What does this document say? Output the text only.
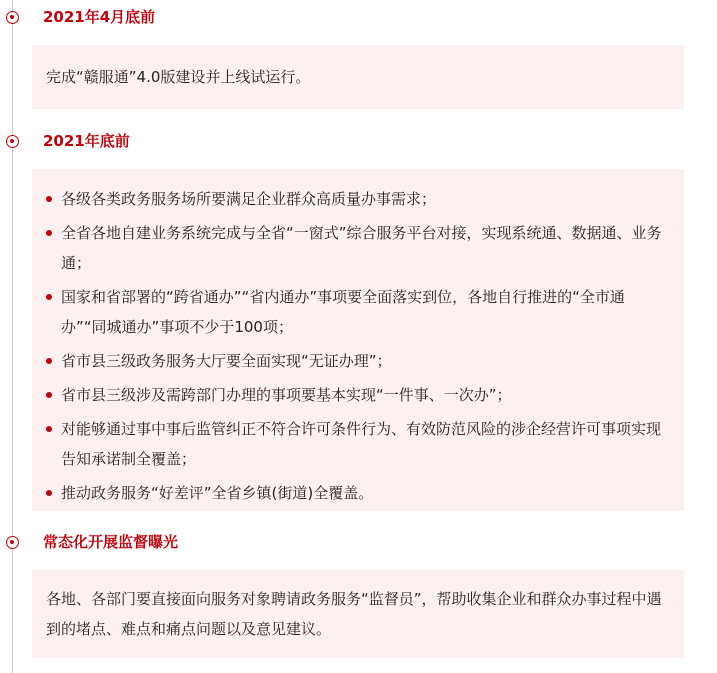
2021年4月底前

完成“赣服通”4.0版建设并上线试运行。

2021年底前
各级各类政务服务场所要满足企业群众高质量办事需求；
全省各地自建业务系统完成与全省“一窗式”综合服务平台对接，实现系统通、数据通、业务通；
国家和省部署的“跨省通办”“省内通办”事项要全面落实到位，各地自行推进的“全市通办”“同城通办”事项不少于100项；
省市县三级政务服务大厅要全面实现“无证办理”；
省市县三级涉及需跨部门办理的事项要基本实现“一件事、一次办”；
对能够通过事中事后监管纠正不符合许可条件行为、有效防范风险的涉企经营许可事项实现告知承诺制全覆盖；
推动政务服务“好差评”全省乡镇(街道)全覆盖。
常态化开展监督曝光

各地、各部门要直接面向服务对象聘请政务服务“监督员”，帮助收集企业和群众办事过程中遇到的堵点、难点和痛点问题以及意见建议。
